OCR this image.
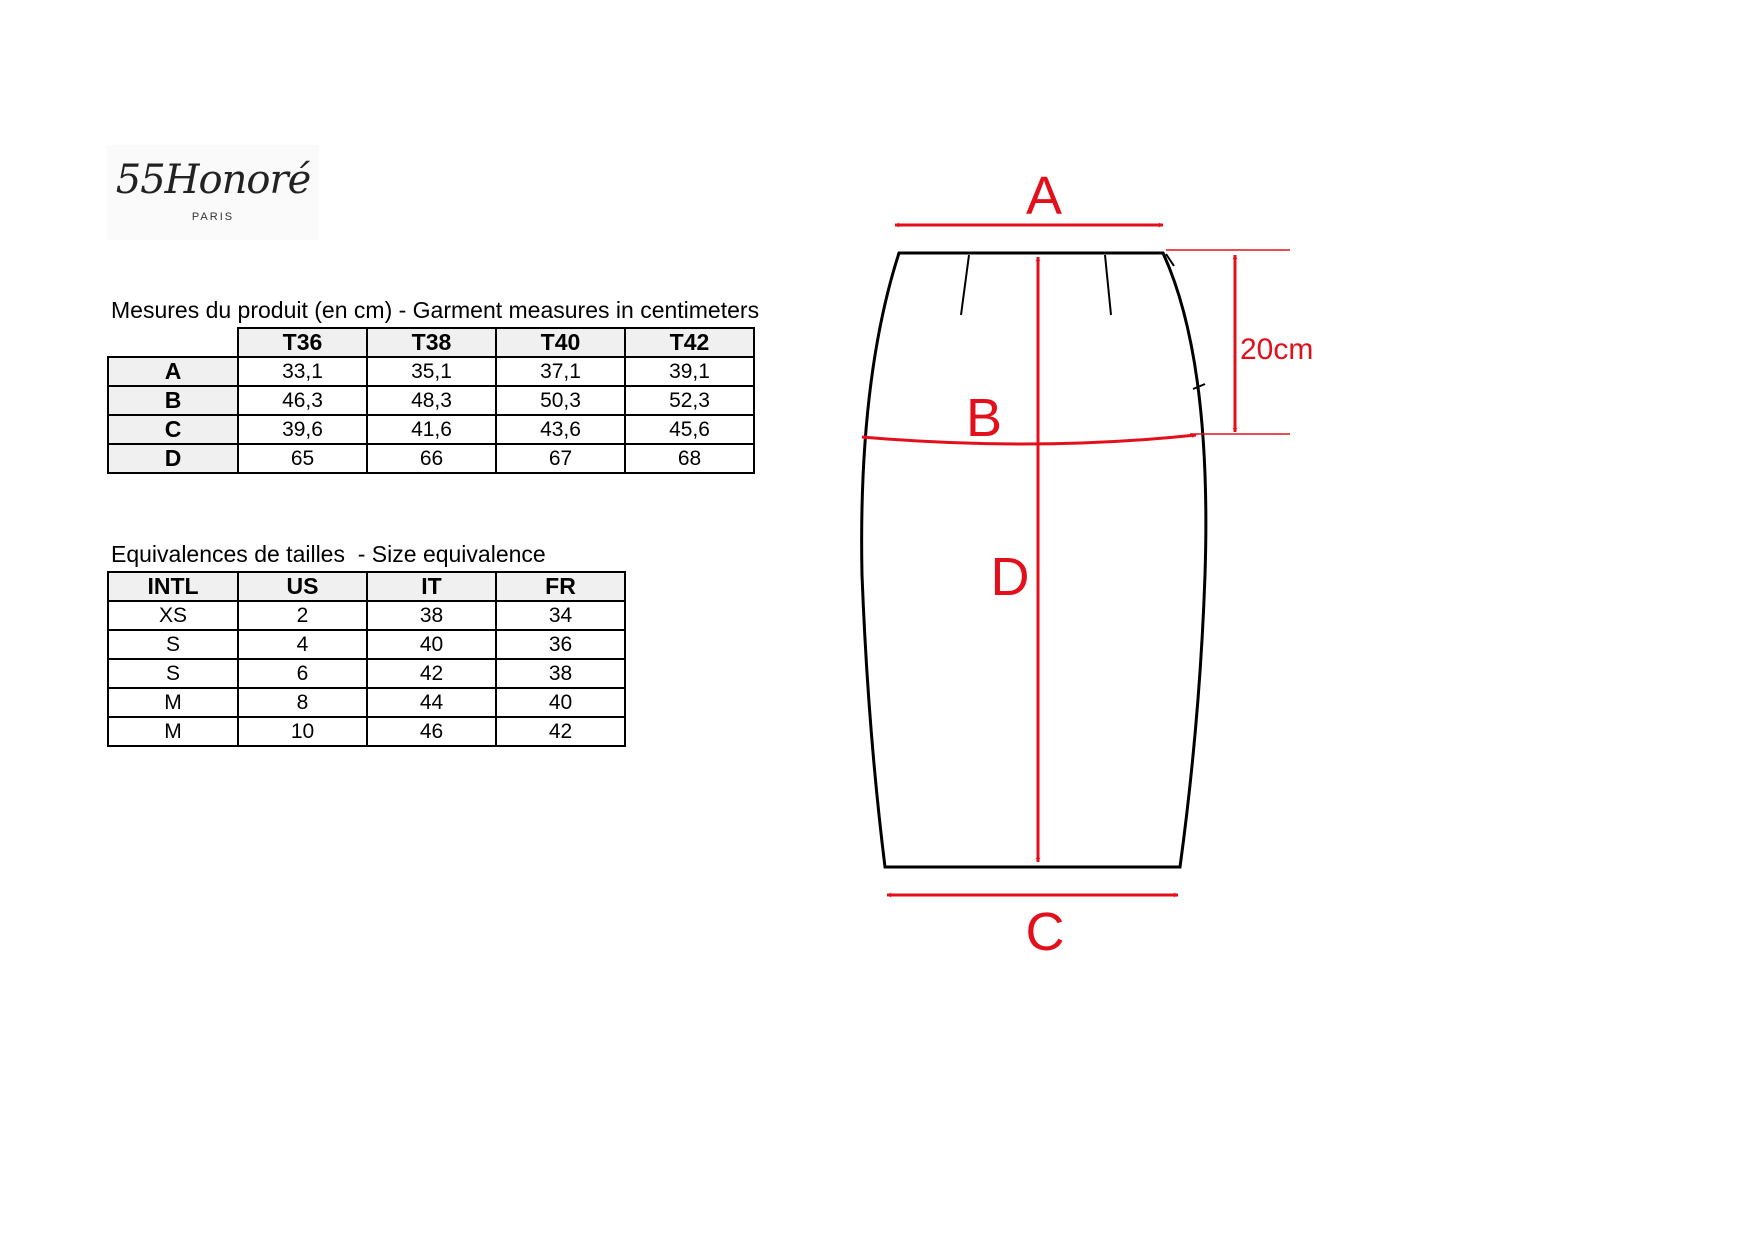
55Honoré
PARIS
Mesures du produit (en cm) - Garment measures in centimeters
	T36	T38	T40	T42
A	33,1	35,1	37,1	39,1
B	46,3	48,3	50,3	52,3
C	39,6	41,6	43,6	45,6
D	65	66	67	68
Equivalences de tailles  - Size equivalence
INTL	US	IT	FR
XS	2	38	34
S	4	40	36
S	6	42	38
M	8	44	40
M	10	46	42
A
B
D
C
20cm
